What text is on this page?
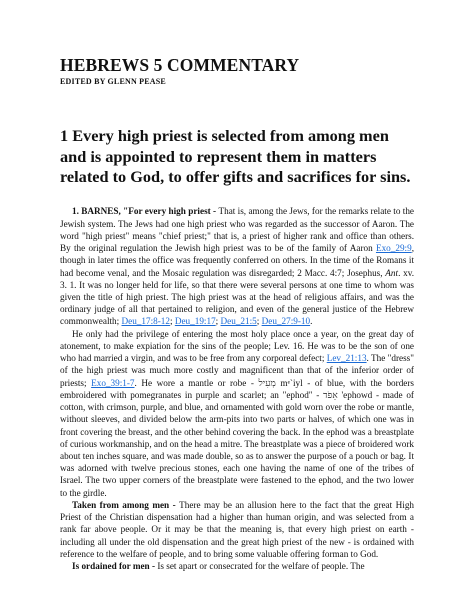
HEBREWS 5 COMMENTARY
EDITED BY GLENN PEASE
1 Every high priest is selected from among men and is appointed to represent them in matters related to God, to offer gifts and sacrifices for sins.

1. BARNES, "For every high priest - That is, among the Jews, for the remarks relate to the Jewish system. The Jews had one high priest who was regarded as the successor of Aaron. The word "high priest" means "chief priest;" that is, a priest of higher rank and office than others. By the original regulation the Jewish high priest was to be of the family of Aaron Exo_29:9, though in later times the office was frequently conferred on others. In the time of the Romans it had become venal, and the Mosaic regulation was disregarded; 2 Macc. 4:7; Josephus, Ant. xv. 3. 1. It was no longer held for life, so that there were several persons at one time to whom was given the title of high priest. The high priest was at the head of religious affairs, and was the ordinary judge of all that pertained to religion, and even of the general justice of the Hebrew commonwealth; Deu_17:8-12; Deu_19:17; Deu_21:5; Deu_27:9-10.

He only had the privilege of entering the most holy place once a year, on the great day of atonement, to make expiation for the sins of the people; Lev. 16. He was to be the son of one who had married a virgin, and was to be free from any corporeal defect; Lev_21:13. The "dress" of the high priest was much more costly and magnificent than that of the inferior order of priests; Exo_39:1-7. He wore a mantle or robe - מְעִיל mᵉ`iyl - of blue, with the borders embroidered with pomegranates in purple and scarlet; an "ephod" - אֵפֹד 'ephowd - made of cotton, with crimson, purple, and blue, and ornamented with gold worn over the robe or mantle, without sleeves, and divided below the arm-pits into two parts or halves, of which one was in front covering the breast, and the other behind covering the back. In the ephod was a breastplate of curious workmanship, and on the head a mitre. The breastplate was a piece of broidered work about ten inches square, and was made double, so as to answer the purpose of a pouch or bag. It was adorned with twelve precious stones, each one having the name of one of the tribes of Israel. The two upper corners of the breastplate were fastened to the ephod, and the two lower to the girdle.

Taken from among men - There may be an allusion here to the fact that the great High Priest of the Christian dispensation had a higher than human origin, and was selected from a rank far above people. Or it may be that the meaning is, that every high priest on earth - including all under the old dispensation and the great high priest of the new - is ordained with reference to the welfare of people, and to bring some valuable offering forman to God.

Is ordained for men - Is set apart or consecrated for the welfare of people. The
